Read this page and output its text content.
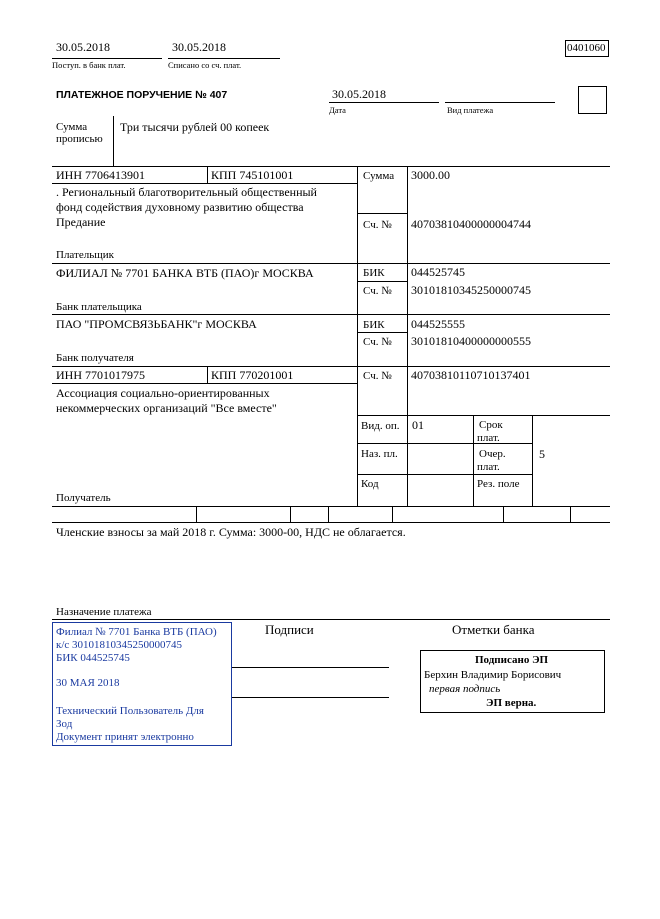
30.05.2018
Поступ. в банк плат.
30.05.2018
Списано со сч. плат.
0401060
ПЛАТЕЖНОЕ ПОРУЧЕНИЕ № 407	30.05.2018
Дата	Вид платежа
Сумма
прописью
Три тысячи рублей 00 копеек
ИНН 7706413901	КПП 745101001	Сумма 3000.00
. Региональный благотворительный общественный
фонд содействия духовному развитию общества
Предание	Сч. № 40703810400000004744
Плательщик
ФИЛИАЛ № 7701 БАНКА ВТБ (ПАО)г МОСКВА	БИК 044525745
Сч. № 30101810345250000745
Банк плательщика
ПАО "ПРОМСВЯЗЬБАНК"г МОСКВА	БИК 044525555
Сч. № 30101810400000000555
Банк получателя
ИНН 7701017975	КПП 770201001	Сч. № 40703810110710137401
Ассоциация социально-ориентированных
некоммерческих организаций "Все вместе"
Получатель
Вид. оп. 01	Срок
плат.
Наз. пл.	Очер.
плат.
5
Код	Рез. поле
Членские взносы за май 2018 г. Сумма: 3000-00, НДС не облагается.
Назначение платежа
Подписи	Отметки банка
Филиал № 7701 Банка ВТБ (ПАО)
к/с 30101810345250000745
БИК 044525745
30 МАЯ 2018
Технический Пользователь Для
Зод
Документ принят электронно
Подписано ЭП
Берхин Владимир Борисович
первая подпись
ЭП верна.
